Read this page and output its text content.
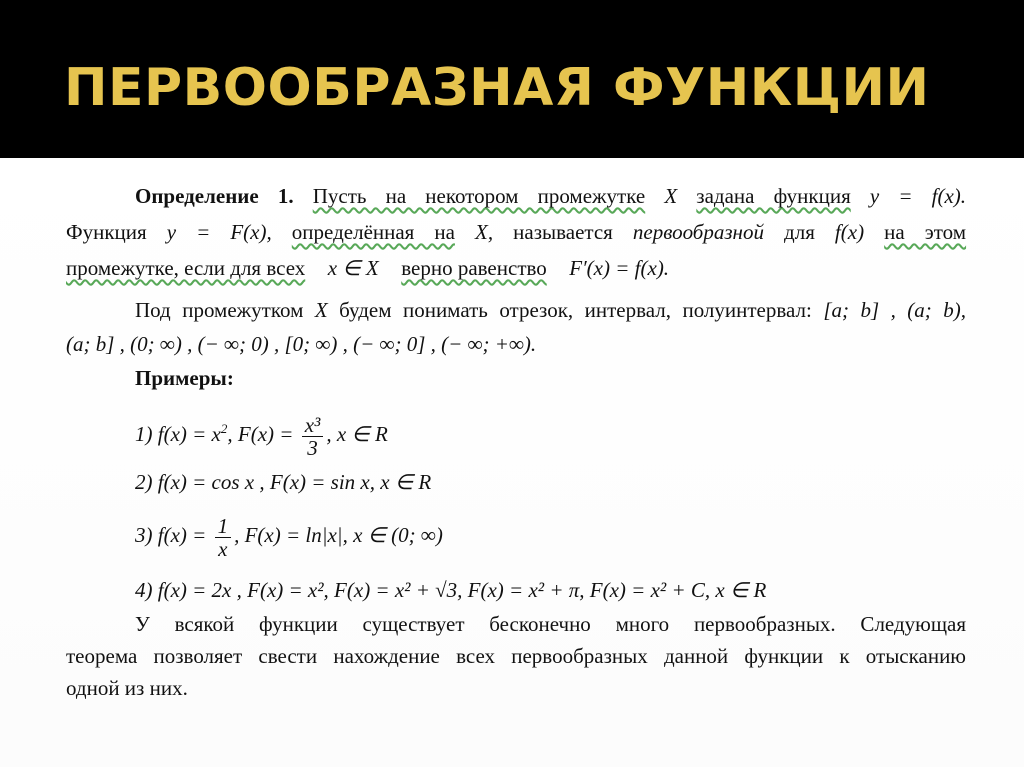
ПЕРВООБРАЗНАЯ ФУНКЦИИ
Определение 1. Пусть на некотором промежутке X задана функция y = f(x).
Функция y = F(x), определённая на X, называется первообразной для f(x) на этом
промежутке, если для всех x ∈ X верно равенство F′(x) = f(x).
Под промежутком X будем понимать отрезок, интервал, полуинтервал: [a; b] , (a; b),
(a; b] , (0; ∞) , (− ∞; 0) , [0; ∞) , (− ∞; 0] , (− ∞; +∞).
Примеры:
1) $f(x) = x^2$, $F(x) = \frac{\text{x³}}{3}$ , x ∈ R
2) f(x) = cos x , F(x) = sin x, x ∈ R
3) $f(x) = \frac{1}{x}$ , F(x) = ln|x|, x ∈ (0; ∞)
4) f(x) = 2x , F(x) = x², F(x) = x² + √3, F(x) = x² + π, F(x) = x² + C, x ∈ R
У всякой функции существует бесконечно много первообразных. Следующая
теорема позволяет свести нахождение всех первообразных данной функции к отысканию
одной из них.
